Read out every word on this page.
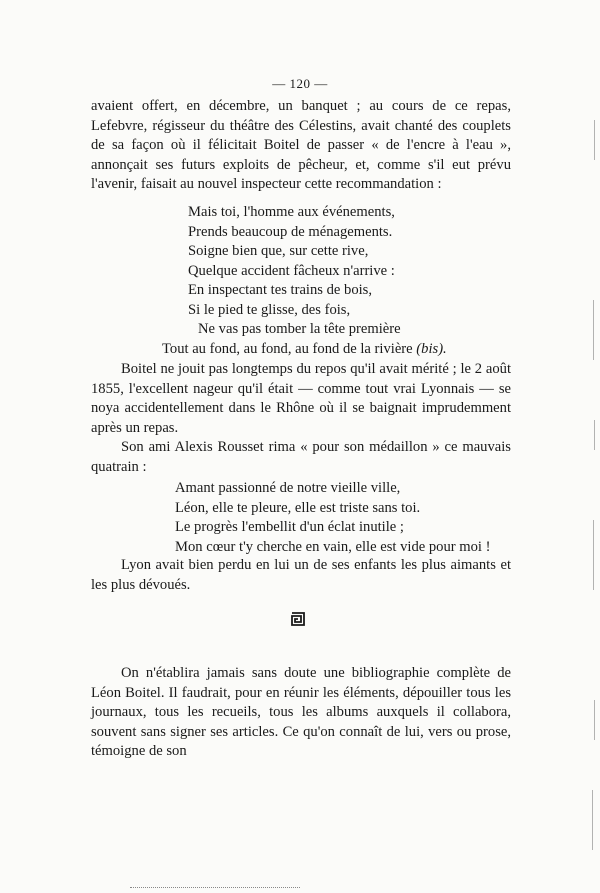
— 120 —

avaient offert, en décembre, un banquet ; au cours de ce repas, Lefebvre, régisseur du théâtre des Célestins, avait chanté des couplets de sa façon où il félicitait Boitel de passer « de l'encre à l'eau », annonçait ses futurs exploits de pêcheur, et, comme s'il eut prévu l'avenir, faisait au nouvel inspecteur cette recommandation :

Mais toi, l'homme aux événements,
Prends beaucoup de ménagements.
Soigne bien que, sur cette rive,
Quelque accident fâcheux n'arrive :
En inspectant tes trains de bois,
Si le pied te glisse, des fois,
Ne vas pas tomber la tête première
Tout au fond, au fond, au fond de la rivière (bis).

Boitel ne jouit pas longtemps du repos qu'il avait mérité ; le 2 août 1855, l'excellent nageur qu'il était — comme tout vrai Lyonnais — se noya accidentellement dans le Rhône où il se baignait imprudemment après un repas.

Son ami Alexis Rousset rima « pour son médaillon » ce mauvais quatrain :

Amant passionné de notre vieille ville,
Léon, elle te pleure, elle est triste sans toi.
Le progrès l'embellit d'un éclat inutile ;
Mon cœur t'y cherche en vain, elle est vide pour moi !

Lyon avait bien perdu en lui un de ses enfants les plus aimants et les plus dévoués.

On n'établira jamais sans doute une bibliographie complète de Léon Boitel. Il faudrait, pour en réunir les éléments, dépouiller tous les journaux, tous les recueils, tous les albums auxquels il collabora, souvent sans signer ses articles. Ce qu'on connaît de lui, vers ou prose, témoigne de son
